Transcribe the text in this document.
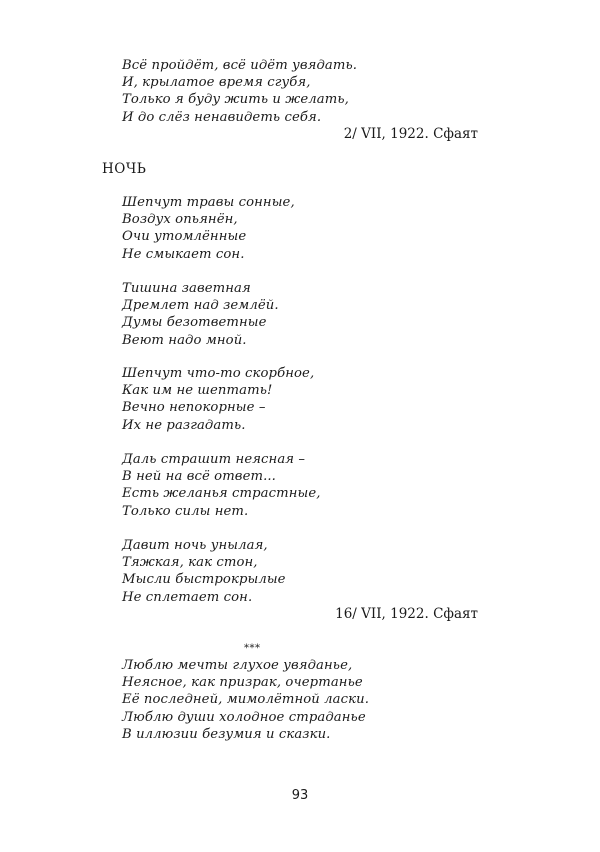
Всё пройдёт, всё идёт увядать.
И, крылатое время сгубя,
Только я буду жить и желать,
И до слёз ненавидеть себя.
2/ VII, 1922. Сфаят
НОЧЬ
Шепчут травы сонные,
Воздух опьянён,
Очи утомлённые
Не смыкает сон.
Тишина заветная
Дремлет над землёй.
Думы безответные
Веют надо мной.
Шепчут что-то скорбное,
Как им не шептать!
Вечно непокорные –
Их не разгадать.
Даль страшит неясная –
В ней на всё ответ...
Есть желанья страстные,
Только силы нет.
Давит ночь унылая,
Тяжкая, как стон,
Мысли быстрокрылые
Не сплетает сон.
16/ VII, 1922. Сфаят
***
Люблю мечты глухое увяданье,
Неясное, как призрак, очертанье
Её последней, мимолётной ласки.
Люблю души холодное страданье
В иллюзии безумия и сказки.
93
